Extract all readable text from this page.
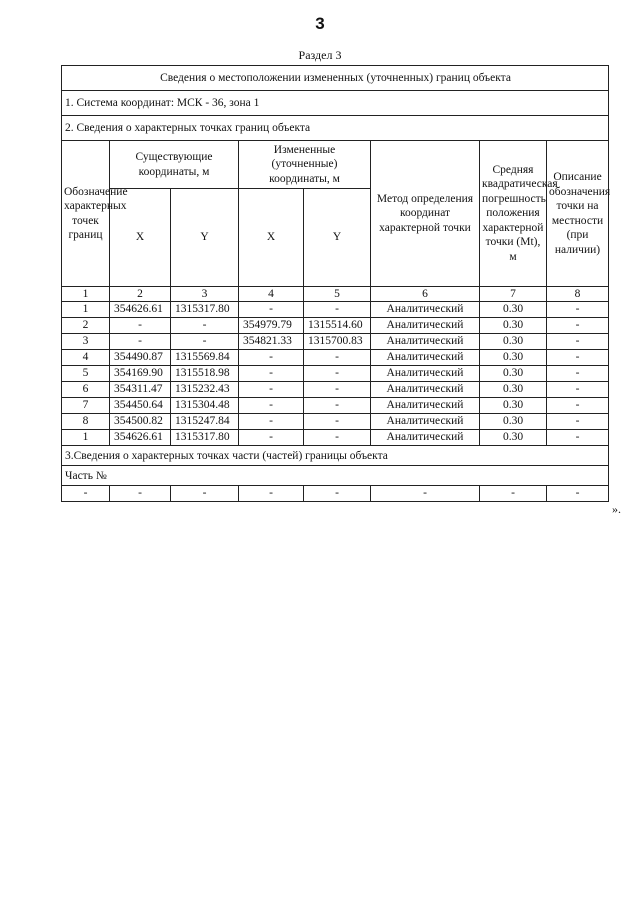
3
Раздел 3
Сведения о местоположении измененных (уточненных) границ объекта							
1. Система координат: МСК - 36, зона 1							
2. Сведения о характерных точках границ объекта							
Обозначение характерных точек границ	Существующие координаты, м		Измененные (уточненные) координаты, м		Метод определения координат характерной точки	Средняя квадратическая погрешность положения характерной точки (Mt), м	Описание обозначения точки на местности (при наличии)
	X	Y	X	Y			
1	2	3	4	5	6	7	8
1	354626.61	1315317.80	-	-	Аналитический	0.30	-
2	-	-	354979.79	1315514.60	Аналитический	0.30	-
3	-	-	354821.33	1315700.83	Аналитический	0.30	-
4	354490.87	1315569.84	-	-	Аналитический	0.30	-
5	354169.90	1315518.98	-	-	Аналитический	0.30	-
6	354311.47	1315232.43	-	-	Аналитический	0.30	-
7	354450.64	1315304.48	-	-	Аналитический	0.30	-
8	354500.82	1315247.84	-	-	Аналитический	0.30	-
1	354626.61	1315317.80	-	-	Аналитический	0.30	-
3.Сведения о характерных точках части (частей) границы объекта							
Часть №							
-	-	-	-	-	-	-	-
».
